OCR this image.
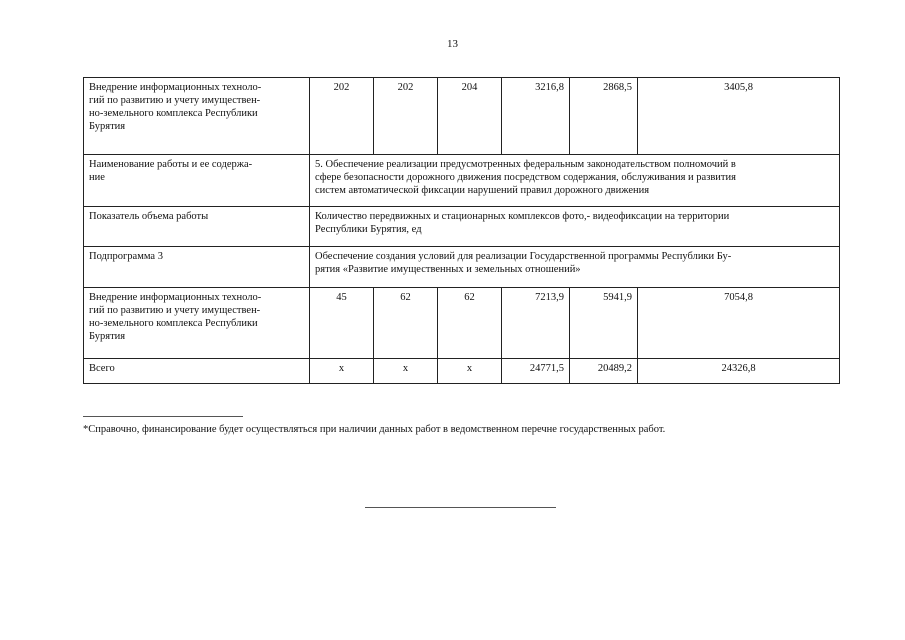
13
Внедрение информационных техноло-
гий по развитию и учету имуществен-
но-земельного комплекса Республики
Бурятия	202	202	204	3216,8	2868,5	3405,8
Наименование работы и ее содержа-
ние	5. Обеспечение реализации предусмотренных федеральным законодательством полномочий в
сфере безопасности дорожного движения посредством содержания, обслуживания и развития
систем автоматической фиксации нарушений правил дорожного движения					
Показатель объема работы	Количество передвижных и стационарных комплексов фото,- видеофиксации на территории
Республики Бурятия, ед					
Подпрограмма 3	Обеспечение создания условий для реализации Государственной программы Республики Бу-
рятия «Развитие имущественных и земельных отношений»					
Внедрение информационных техноло-
гий по развитию и учету имуществен-
но-земельного комплекса Республики
Бурятия	45	62	62	7213,9	5941,9	7054,8
Всего	x	x	x	24771,5	20489,2	24326,8
*Справочно, финансирование будет осуществляться при наличии данных работ в ведомственном перечне государственных работ.
